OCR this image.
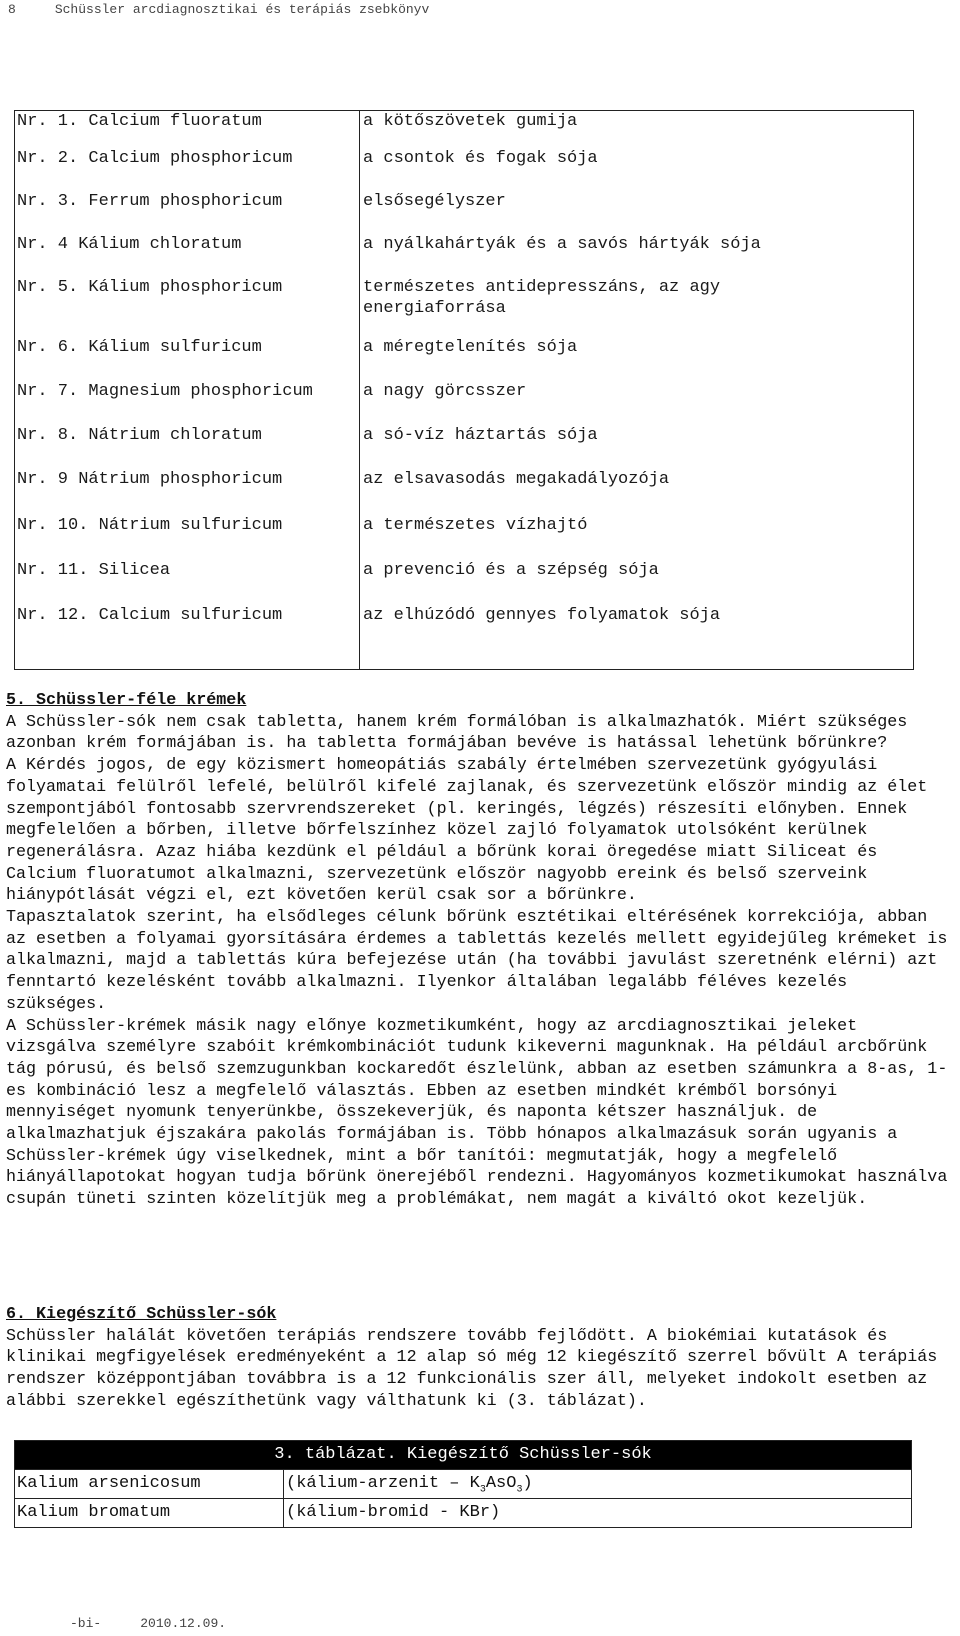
8	Schüssler arcdiagnosztikai és terápiás zsebkönyv
Nr. 1. Calcium fluoratum	a kötőszövetek gumija
Nr. 2. Calcium phosphoricum	a csontok és fogak sója
Nr. 3. Ferrum phosphoricum	elsősegélyszer
Nr. 4 Kálium chloratum	a nyálkahártyák és a savós hártyák sója
Nr. 5. Kálium phosphoricum	természetes antidepresszáns, az agy energiaforrása
Nr. 6. Kálium sulfuricum	a méregtelenítés sója
Nr. 7. Magnesium phosphoricum	a nagy görcsszer
Nr. 8. Nátrium chloratum	a só-víz háztartás sója
Nr. 9 Nátrium phosphoricum	az elsavasodás megakadályozója
Nr. 10. Nátrium sulfuricum	a természetes vízhajtó
Nr. 11. Silicea	a prevenció és a szépség sója
Nr. 12. Calcium sulfuricum	az elhúzódó gennyes folyamatok sója

5. Schüssler-féle krémek

A Schüssler-sók nem csak tabletta, hanem krém formálóban is alkalmazhatók. Miért szükséges azonban krém formájában is. ha tabletta formájában bevéve is hatással lehetünk bőrünkre?

A Kérdés jogos, de egy közismert homeopátiás szabály értelmében szervezetünk gyógyulási folyamatai felülről lefelé, belülről kifelé zajlanak, és szervezetünk először mindig az élet szempontjából fontosabb szervrendszereket (pl. keringés, légzés) részesíti előnyben. Ennek megfelelően a bőrben, illetve bőrfelszínhez közel zajló folyamatok utolsóként kerülnek regenerálásra. Azaz hiába kezdünk el például a bőrünk korai öregedése miatt Siliceat és Calcium fluoratumot alkalmazni, szervezetünk először nagyobb ereink és belső szerveink hiánypótlását végzi el, ezt követően kerül csak sor a bőrünkre.

Tapasztalatok szerint, ha elsődleges célunk bőrünk esztétikai eltérésének korrekciója, abban az esetben a folyamai gyorsítására érdemes a tablettás kezelés mellett egyidejűleg krémeket is alkalmazni, majd a tablettás kúra befejezése után (ha további javulást szeretnénk elérni) azt fenntartó kezelésként tovább alkalmazni. Ilyenkor általában legalább féléves kezelés szükséges.

A Schüssler-krémek másik nagy előnye kozmetikumként, hogy az arcdiagnosztikai jeleket vizsgálva személyre szabóit krémkombinációt tudunk kikeverni magunknak. Ha például arcbőrünk tág pórusú, és belső szemzugunkban kockaredőt észlelünk, abban az esetben számunkra a 8-as, 1-es kombináció lesz a megfelelő választás. Ebben az esetben mindkét krémből borsónyi mennyiséget nyomunk tenyerünkbe, összekeverjük, és naponta kétszer használjuk. de alkalmazhatjuk éjszakára pakolás formájában is. Több hónapos alkalmazásuk során ugyanis a Schüssler-krémek úgy viselkednek, mint a bőr tanítói: megmutatják, hogy a megfelelő hiányállapotokat hogyan tudja bőrünk önerejéből rendezni. Hagyományos kozmetikumokat használva csupán tüneti szinten közelítjük meg a problémákat, nem magát a kiváltó okot kezeljük.

6. Kiegészítő Schüssler-sók

Schüssler halálát követően terápiás rendszere tovább fejlődött. A biokémiai kutatások és klinikai megfigyelések eredményeként a 12 alap só még 12 kiegészítő szerrel bővült A terápiás rendszer középpontjában továbbra is a 12 funkcionális szer áll, melyeket indokolt esetben az alábbi szerekkel egészíthetünk vagy válthatunk ki (3. táblázat).

3. táblázat. Kiegészítő Schüssler-sók
Kalium arsenicosum	(kálium-arzenit – $K_3AsO_3$)
Kalium bromatum	(kálium-bromid - KBr)
-bi-	2010.12.09.
